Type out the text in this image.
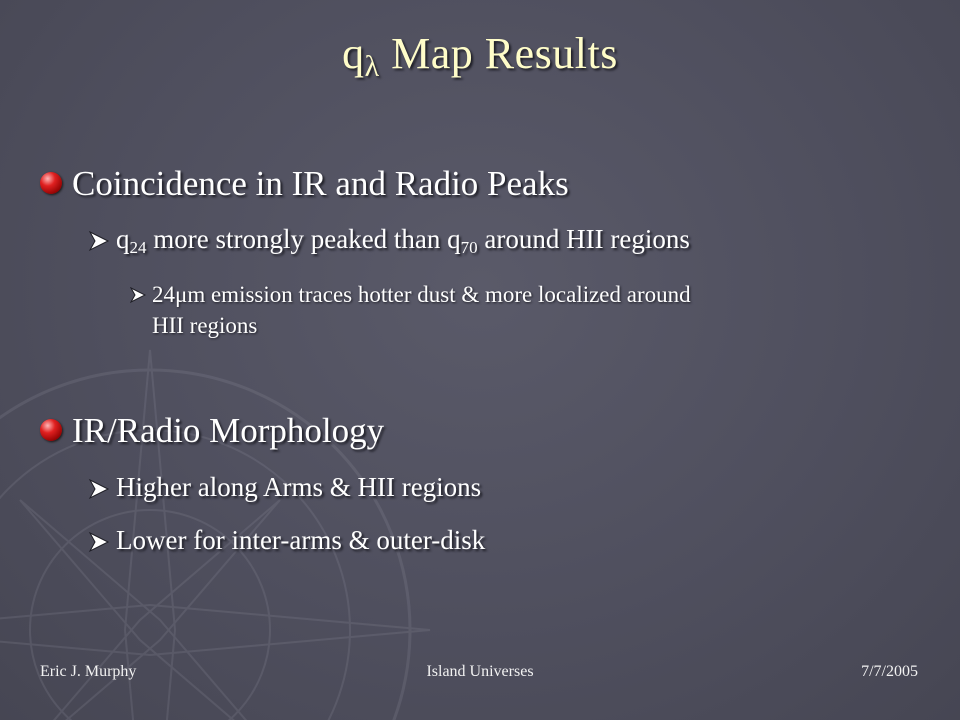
$q_\lambda$ Map Results
Coincidence in IR and Radio Peaks
$q_{24}$ more strongly peaked than $q_{70}$ around HII regions
24μm emission traces hotter dust & more localized around
HII regions
IR/Radio Morphology
Higher along Arms & HII regions
Lower for inter-arms & outer-disk
Eric J. Murphy	Island Universes	7/7/2005
